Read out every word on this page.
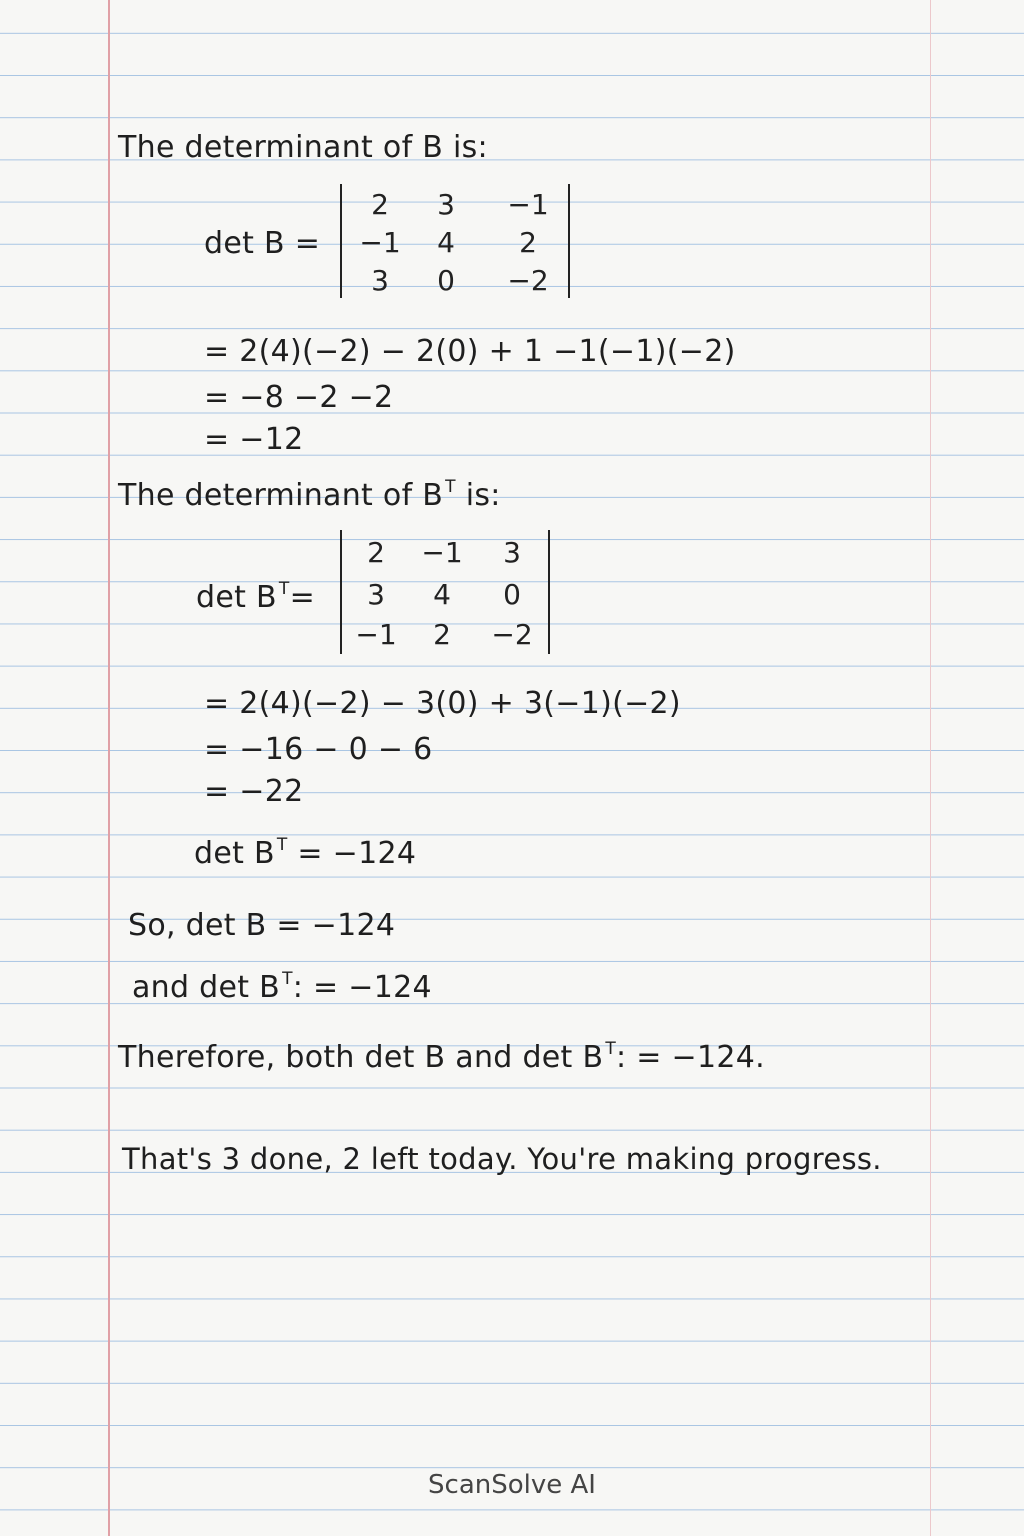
The determinant of B is:
det B =
2	3	−1
−1	4	2
3	0	−2
= 2(4)(−2) − 2(0) + 1 −1(−1)(−2)
= −8 −2 −2
= −12
The determinant of B $^T$ is:
det B $^T$=
2	−1	3
3	4	0
−1	2	−2
= 2(4)(−2) − 3(0) + 3(−1)(−2)
= −16 − 0 − 6
= −22
det B $^T$ = −124
So, det B = −124
and det B $^T$: = −124
Therefore, both det B and det B $^T$: = −124.
That's 3 done, 2 left today. You're making progress.
ScanSolve AI
